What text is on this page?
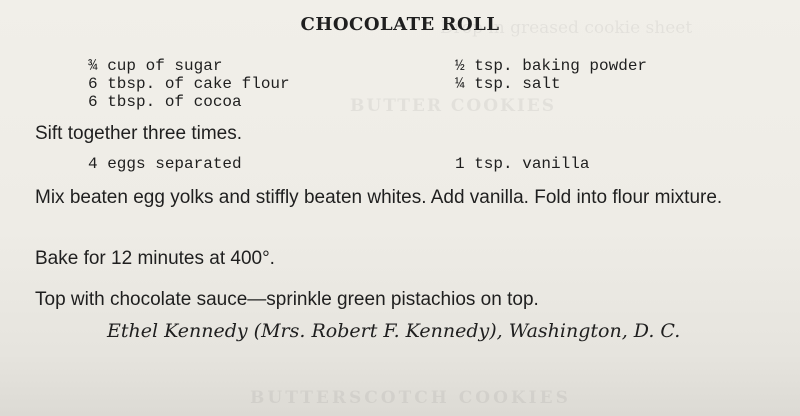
Drop in greased cookie sheet
BUTTER COOKIES
BUTTERSCOTCH COOKIES
CHOCOLATE ROLL
¾ cup of sugar
6 tbsp. of cake flour
6 tbsp. of cocoa
½ tsp. baking powder
¼ tsp. salt
Sift together three times.
4 eggs separated	1 tsp. vanilla
Mix beaten egg yolks and stiffly beaten whites. Add vanilla. Fold into flour mixture.
Bake for 12 minutes at 400°.
Top with chocolate sauce—sprinkle green pistachios on top.
Ethel Kennedy (Mrs. Robert F. Kennedy), Washington, D. C.
